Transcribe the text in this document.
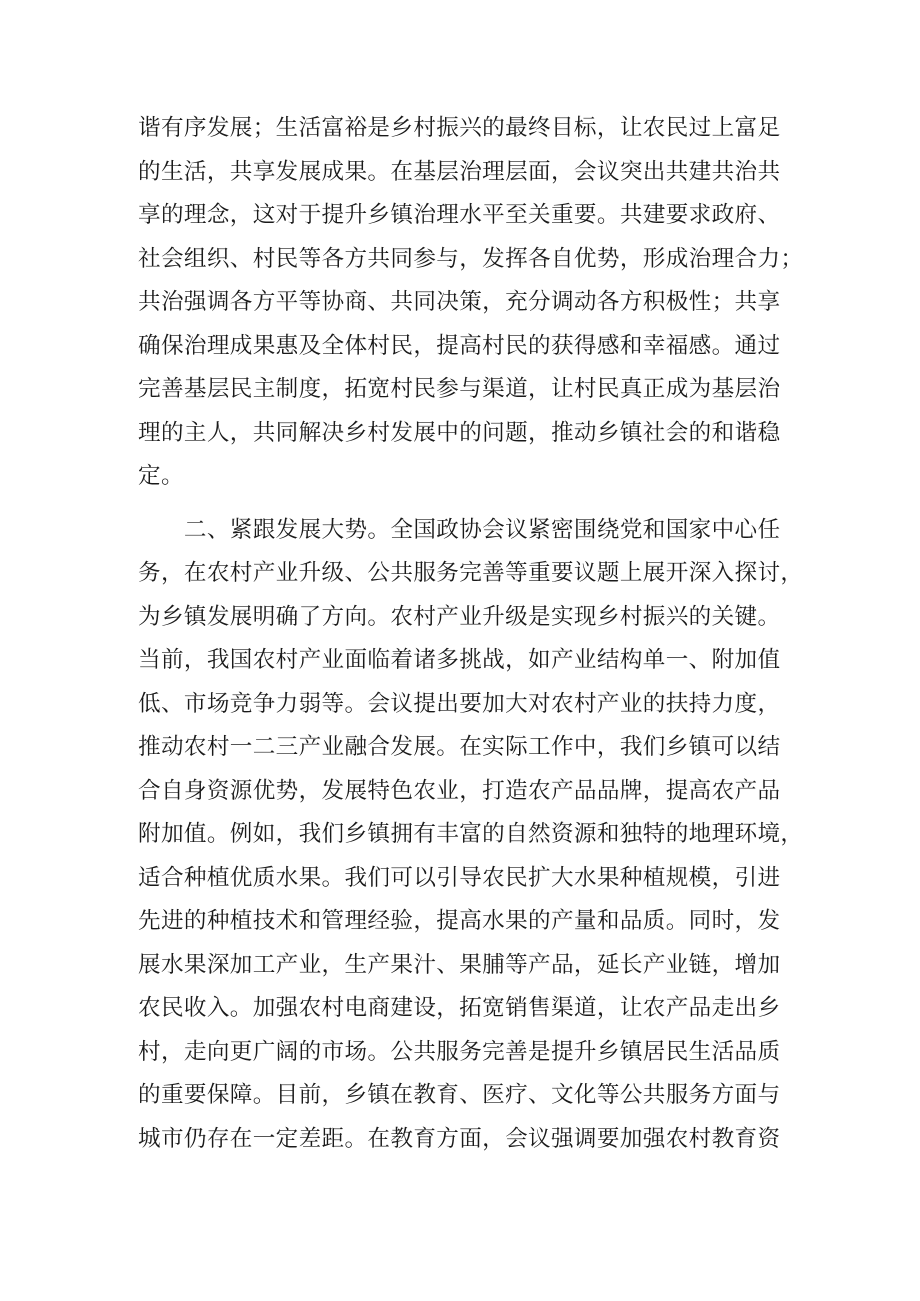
谐有序发展；生活富裕是乡村振兴的最终目标，让农民过上富足
的生活，共享发展成果。在基层治理层面，会议突出共建共治共
享的理念，这对于提升乡镇治理水平至关重要。共建要求政府、
社会组织、村民等各方共同参与，发挥各自优势，形成治理合力；
共治强调各方平等协商、共同决策，充分调动各方积极性；共享
确保治理成果惠及全体村民，提高村民的获得感和幸福感。通过
完善基层民主制度，拓宽村民参与渠道，让村民真正成为基层治
理的主人，共同解决乡村发展中的问题，推动乡镇社会的和谐稳
定。
　　二、紧跟发展大势。全国政协会议紧密围绕党和国家中心任
务，在农村产业升级、公共服务完善等重要议题上展开深入探讨，
为乡镇发展明确了方向。农村产业升级是实现乡村振兴的关键。
当前，我国农村产业面临着诸多挑战，如产业结构单一、附加值
低、市场竞争力弱等。会议提出要加大对农村产业的扶持力度，
推动农村一二三产业融合发展。在实际工作中，我们乡镇可以结
合自身资源优势，发展特色农业，打造农产品品牌，提高农产品
附加值。例如，我们乡镇拥有丰富的自然资源和独特的地理环境，
适合种植优质水果。我们可以引导农民扩大水果种植规模，引进
先进的种植技术和管理经验，提高水果的产量和品质。同时，发
展水果深加工产业，生产果汁、果脯等产品，延长产业链，增加
农民收入。加强农村电商建设，拓宽销售渠道，让农产品走出乡
村，走向更广阔的市场。公共服务完善是提升乡镇居民生活品质
的重要保障。目前，乡镇在教育、医疗、文化等公共服务方面与
城市仍存在一定差距。在教育方面，会议强调要加强农村教育资
